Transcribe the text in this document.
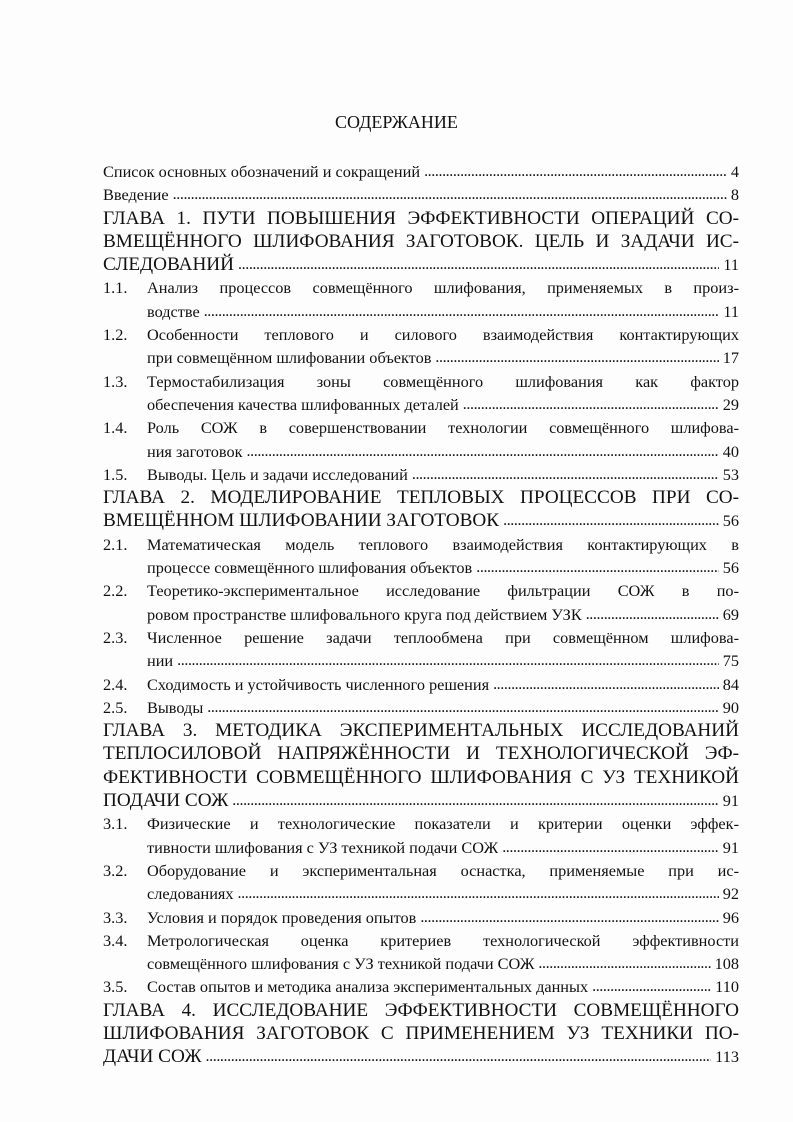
СОДЕРЖАНИЕ
Список основных обозначений и сокращений . . .	4
Введение . . .	8
ГЛАВА 1. ПУТИ ПОВЫШЕНИЯ ЭФФЕКТИВНОСТИ ОПЕРАЦИЙ СО-
ВМЕЩЁННОГО ШЛИФОВАНИЯ ЗАГОТОВОК. ЦЕЛЬ И ЗАДАЧИ ИС-
СЛЕДОВАНИЙ . . .	11
1.1.	Анализ процессов совмещённого шлифования, применяемых в произ-
водстве . . .	11
1.2.	Особенности теплового и силового взаимодействия контактирующих
при совмещённом шлифовании объектов . . .	17
1.3.	Термостабилизация зоны совмещённого шлифования как фактор
обеспечения качества шлифованных деталей . . .	29
1.4.	Роль СОЖ в совершенствовании технологии совмещённого шлифова-
ния заготовок . . .	40
1.5.	Выводы. Цель и задачи исследований . . .	53
ГЛАВА 2. МОДЕЛИРОВАНИЕ ТЕПЛОВЫХ ПРОЦЕССОВ ПРИ СО-
ВМЕЩЁННОМ ШЛИФОВАНИИ ЗАГОТОВОК . . .	56
2.1.	Математическая модель теплового взаимодействия контактирующих в
процессе совмещённого шлифования объектов . . .	56
2.2.	Теоретико-экспериментальное исследование фильтрации СОЖ в по-
ровом пространстве шлифовального круга под действием УЗК . . .	69
2.3.	Численное решение задачи теплообмена при совмещённом шлифова-
нии . . .	75
2.4.	Сходимость и устойчивость численного решения . . .	84
2.5.	Выводы . . .	90
ГЛАВА 3. МЕТОДИКА ЭКСПЕРИМЕНТАЛЬНЫХ ИССЛЕДОВАНИЙ
ТЕПЛОСИЛОВОЙ НАПРЯЖЁННОСТИ И ТЕХНОЛОГИЧЕСКОЙ ЭФ-
ФЕКТИВНОСТИ СОВМЕЩЁННОГО ШЛИФОВАНИЯ С УЗ ТЕХНИКОЙ
ПОДАЧИ СОЖ . . .	91
3.1.	Физические и технологические показатели и критерии оценки эффек-
тивности шлифования с УЗ техникой подачи СОЖ . . .	91
3.2.	Оборудование и экспериментальная оснастка, применяемые при ис-
следованиях . . .	92
3.3.	Условия и порядок проведения опытов . . .	96
3.4.	Метрологическая оценка критериев технологической эффективности
совмещённого шлифования с УЗ техникой подачи СОЖ . . .	108
3.5.	Состав опытов и методика анализа экспериментальных данных . . .	110
ГЛАВА 4. ИССЛЕДОВАНИЕ ЭФФЕКТИВНОСТИ СОВМЕЩЁННОГО
ШЛИФОВАНИЯ ЗАГОТОВОК С ПРИМЕНЕНИЕМ УЗ ТЕХНИКИ ПО-
ДАЧИ СОЖ . . .	113
